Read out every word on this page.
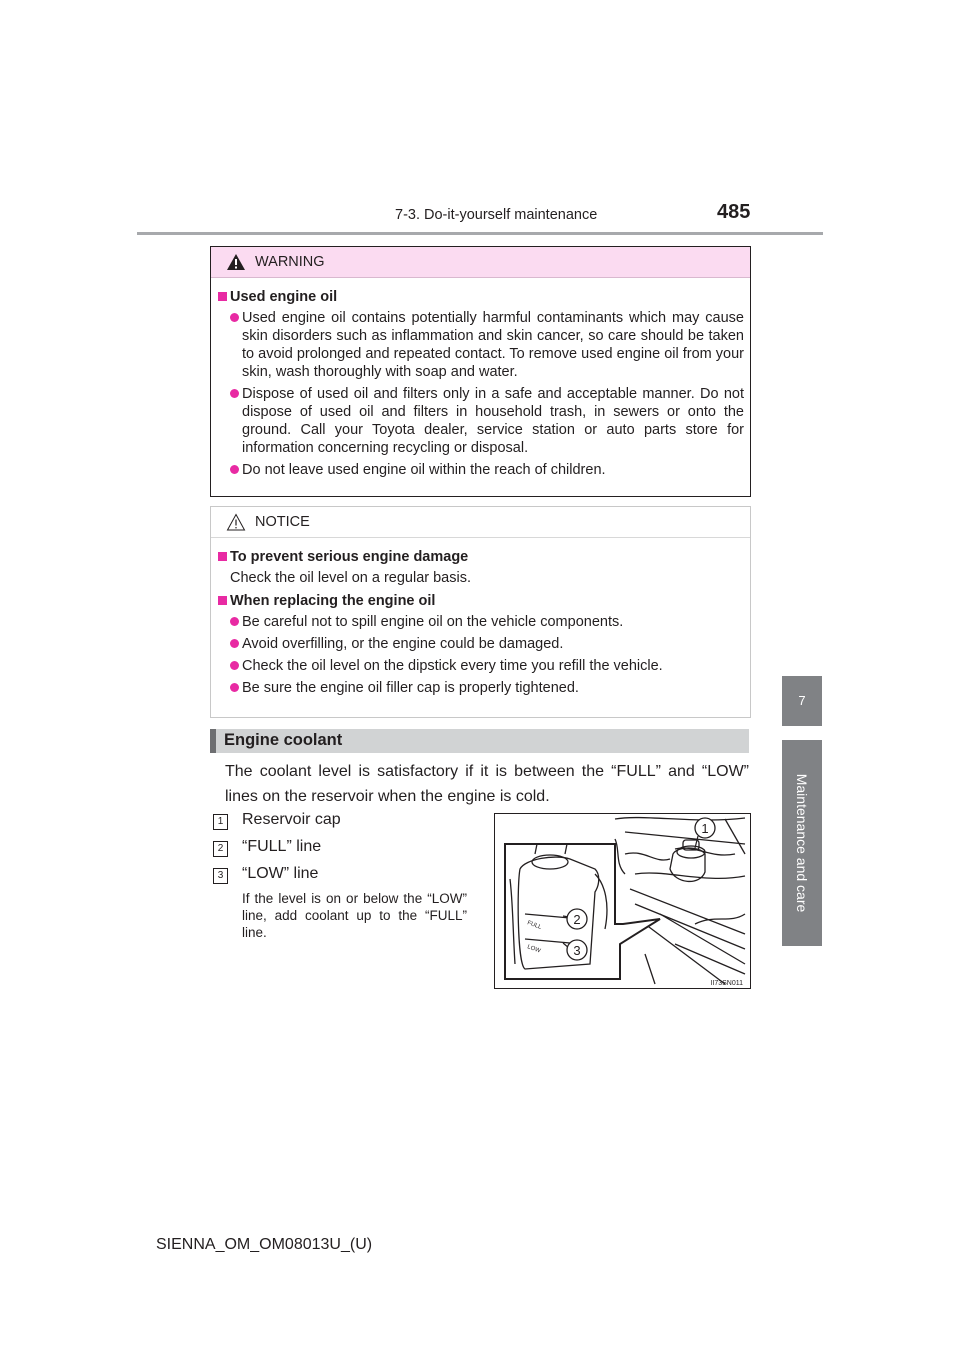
7-3. Do-it-yourself maintenance	485
7
Maintenance and care
WARNING
Used engine oil
Used engine oil contains potentially harmful contaminants which may cause skin disorders such as inflammation and skin cancer, so care should be taken to avoid prolonged and repeated contact. To remove used engine oil from your skin, wash thoroughly with soap and water.
Dispose of used oil and filters only in a safe and acceptable manner. Do not dispose of used oil and filters in household trash, in sewers or onto the ground. Call your Toyota dealer, service station or auto parts store for information concerning recycling or disposal.
Do not leave used engine oil within the reach of children.
NOTICE
To prevent serious engine damage
Check the oil level on a regular basis.
When replacing the engine oil
Be careful not to spill engine oil on the vehicle components.
Avoid overfilling, or the engine could be damaged.
Check the oil level on the dipstick every time you refill the vehicle.
Be sure the engine oil filler cap is properly tightened.
Engine coolant
The coolant level is satisfactory if it is between the “FULL” and “LOW” lines on the reservoir when the engine is cold.
1 Reservoir cap
2 “FULL” line
3 “LOW” line
If the level is on or below the “LOW” line, add coolant up to the “FULL” line.	FULL
LOW
1
2
3
II73SN011
SIENNA_OM_OM08013U_(U)
